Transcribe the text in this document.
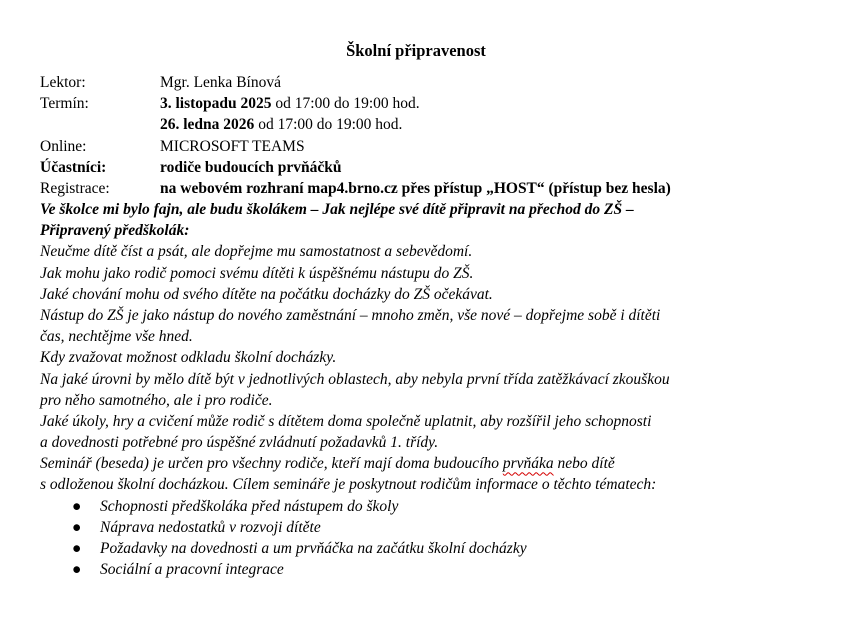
Školní připravenost
Lektor:	Mgr. Lenka Bínová
Termín:	3. listopadu 2025 od 17:00 do 19:00 hod.
26. ledna 2026 od 17:00 do 19:00 hod.
Online:	MICROSOFT TEAMS
Účastníci:	rodiče budoucích prvňáčků
Registrace:	na webovém rozhraní map4.brno.cz přes přístup „HOST“ (přístup bez hesla)
Ve školce mi bylo fajn, ale budu školákem – Jak nejlépe své dítě připravit na přechod do ZŠ –
Připravený předškolák:
Neučme dítě číst a psát, ale dopřejme mu samostatnost a sebevědomí.
Jak mohu jako rodič pomoci svému dítěti k úspěšnému nástupu do ZŠ.
Jaké chování mohu od svého dítěte na počátku docházky do ZŠ očekávat.
Nástup do ZŠ je jako nástup do nového zaměstnání – mnoho změn, vše nové – dopřejme sobě i dítěti
čas, nechtějme vše hned.
Kdy zvažovat možnost odkladu školní docházky.
Na jaké úrovni by mělo dítě být v jednotlivých oblastech, aby nebyla první třída zatěžkávací zkouškou
pro něho samotného, ale i pro rodiče.
Jaké úkoly, hry a cvičení může rodič s dítětem doma společně uplatnit, aby rozšířil jeho schopnosti
a dovednosti potřebné pro úspěšné zvládnutí požadavků 1. třídy.
Seminář (beseda) je určen pro všechny rodiče, kteří mají doma budoucího prvňáka nebo dítě
s odloženou školní docházkou. Cílem semináře je poskytnout rodičům informace o těchto tématech:
● Schopnosti předškoláka před nástupem do školy
● Náprava nedostatků v rozvoji dítěte
● Požadavky na dovednosti a um prvňáčka na začátku školní docházky
● Sociální a pracovní integrace
